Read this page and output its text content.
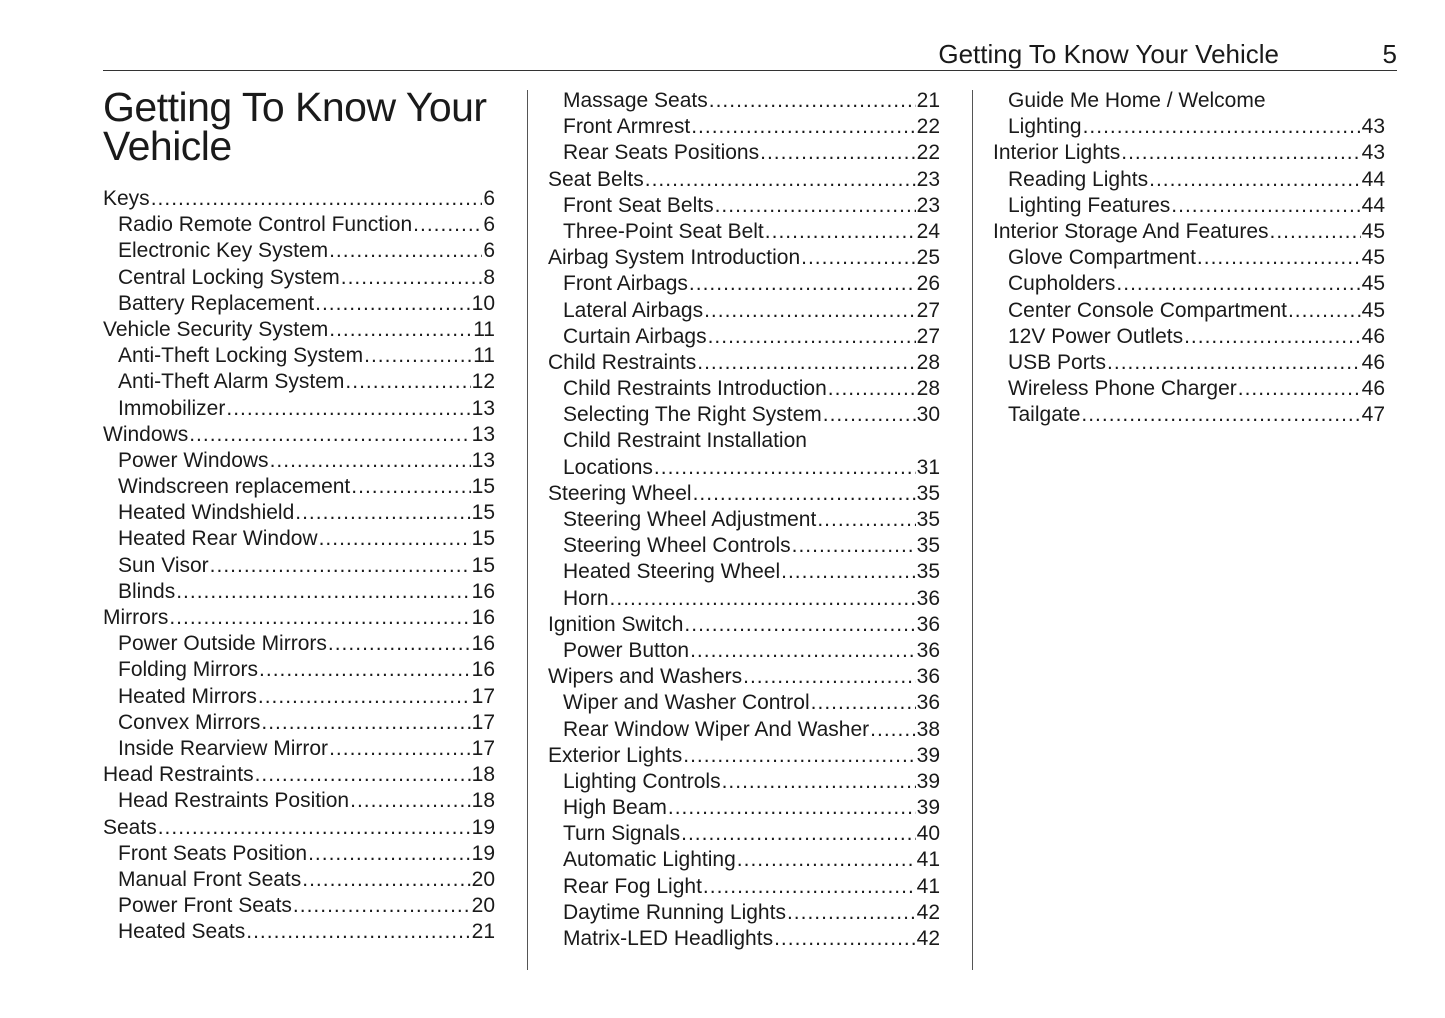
Getting To Know Your Vehicle	5
Getting To Know Your Vehicle
Keys .....	6
Radio Remote Control Function .....	6
Electronic Key System .....	6
Central Locking System .....	8
Battery Replacement .....	10
Vehicle Security System .....	11
Anti-Theft Locking System .....	11
Anti-Theft Alarm System .....	12
Immobilizer .....	13
Windows .....	13
Power Windows .....	13
Windscreen replacement .....	15
Heated Windshield .....	15
Heated Rear Window .....	15
Sun Visor .....	15
Blinds .....	16
Mirrors .....	16
Power Outside Mirrors .....	16
Folding Mirrors .....	16
Heated Mirrors .....	17
Convex Mirrors .....	17
Inside Rearview Mirror .....	17
Head Restraints .....	18
Head Restraints Position .....	18
Seats .....	19
Front Seats Position .....	19
Manual Front Seats .....	20
Power Front Seats .....	20
Heated Seats .....	21
Massage Seats .....	21
Front Armrest .....	22
Rear Seats Positions .....	22
Seat Belts .....	23
Front Seat Belts .....	23
Three-Point Seat Belt .....	24
Airbag System Introduction .....	25
Front Airbags .....	26
Lateral Airbags .....	27
Curtain Airbags .....	27
Child Restraints .....	28
Child Restraints Introduction .....	28
Selecting The Right System .....	30
Child Restraint Installation
Locations .....	31
Steering Wheel .....	35
Steering Wheel Adjustment .....	35
Steering Wheel Controls .....	35
Heated Steering Wheel .....	35
Horn .....	36
Ignition Switch .....	36
Power Button .....	36
Wipers and Washers .....	36
Wiper and Washer Control .....	36
Rear Window Wiper And Washer ..... 38
Exterior Lights .....	39
Lighting Controls .....	39
High Beam .....	39
Turn Signals .....	40
Automatic Lighting .....	41
Rear Fog Light .....	41
Daytime Running Lights .....	42
Matrix-LED Headlights .....	42
Guide Me Home / Welcome
Lighting .....	43
Interior Lights .....	43
Reading Lights .....	44
Lighting Features .....	44
Interior Storage And Features .....	45
Glove Compartment .....	45
Cupholders .....	45
Center Console Compartment .....	45
12V Power Outlets .....	46
USB Ports .....	46
Wireless Phone Charger .....	46
Tailgate .....	47
